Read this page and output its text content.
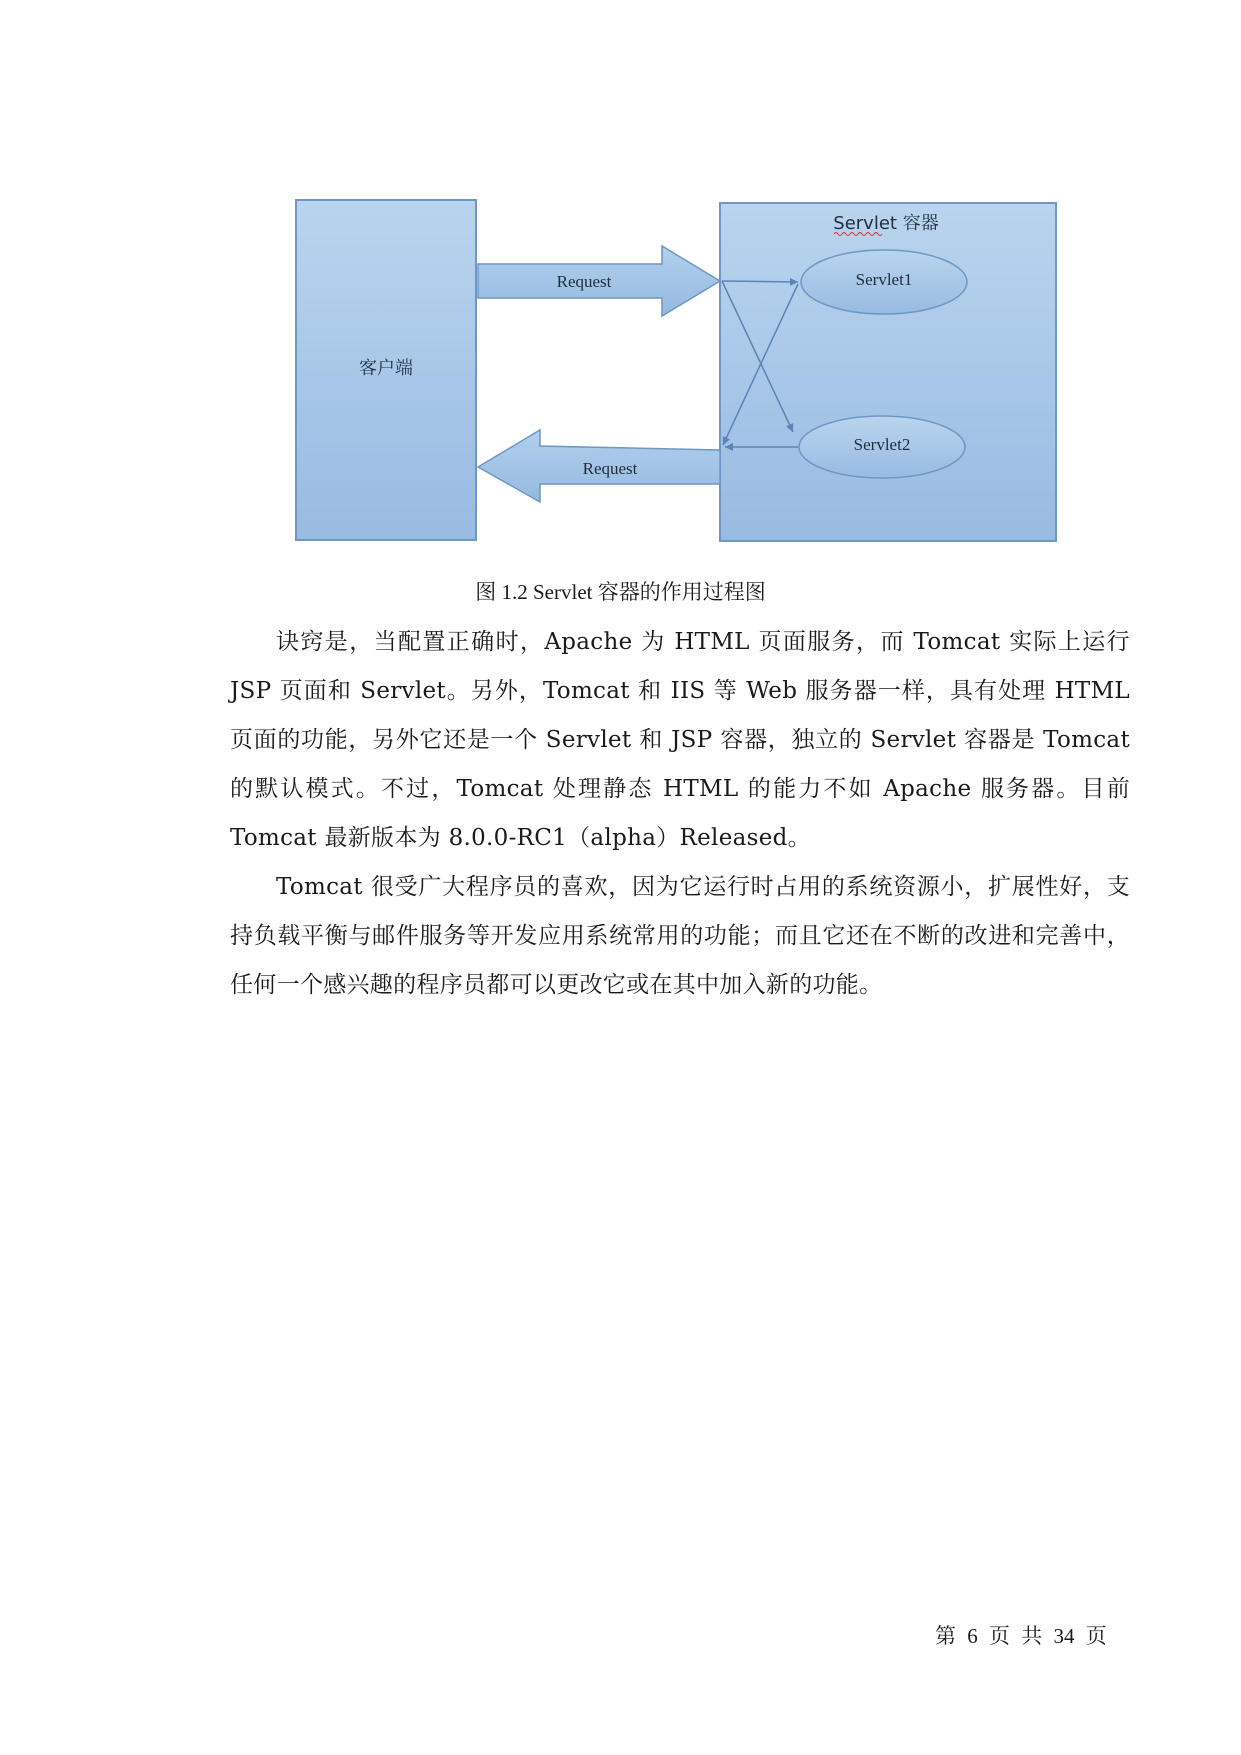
客户端
Servlet 容器
Request
Request
Servlet1
Servlet2
图 1.2 Servlet 容器的作用过程图

诀窍是，当配置正确时，Apache 为 HTML 页面服务，而 Tomcat 实际上运行 JSP 页面和 Servlet。另外，Tomcat 和 IIS 等 Web 服务器一样，具有处理 HTML 页面的功能，另外它还是一个 Servlet 和 JSP 容器，独立的 Servlet 容器是 Tomcat 的默认模式。不过，Tomcat 处理静态 HTML 的能力不如 Apache 服务器。目前 Tomcat 最新版本为 8.0.0-RC1（alpha）Released。

Tomcat 很受广大程序员的喜欢，因为它运行时占用的系统资源小，扩展性好，支持负载平衡与邮件服务等开发应用系统常用的功能；而且它还在不断的改进和完善中，任何一个感兴趣的程序员都可以更改它或在其中加入新的功能。

第 6 页 共 34 页
